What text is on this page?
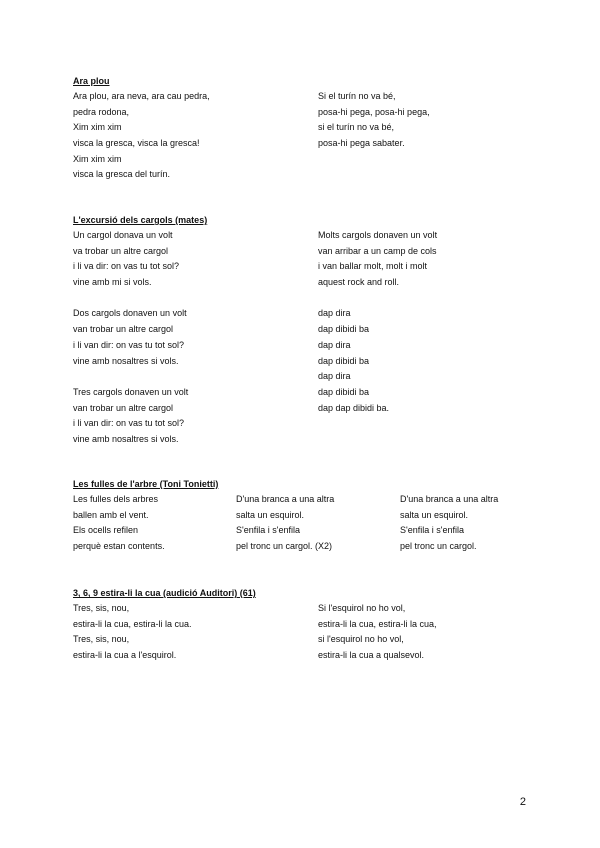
Ara plou
Ara plou, ara neva, ara cau pedra,
pedra rodona,
Xim xim xim
visca la gresca, visca la gresca!
Xim xim xim
visca la gresca del turín.
Si el turín no va bé,
posa-hi pega, posa-hi pega,
si el turín no va bé,
posa-hi pega sabater.
L'excursió dels cargols (mates)
Un cargol donava un volt
va trobar un altre cargol
i li va dir: on vas tu tot sol?
vine amb mi si vols.
Dos cargols donaven un volt
van trobar un altre cargol
i li van dir: on vas tu tot sol?
vine amb nosaltres si vols.
Tres cargols donaven un volt
van trobar un altre cargol
i li van dir: on vas tu tot sol?
vine amb nosaltres si vols.
Molts cargols donaven un volt
van arribar a un camp de cols
i van ballar molt, molt i molt
aquest rock and roll.
dap dira
dap dibidi ba
dap dira
dap dibidi ba
dap dira
dap dibidi ba
dap dap dibidi ba.
Les fulles de l'arbre (Toni Tonietti)
Les fulles dels arbres
ballen amb el vent.
Els ocells refilen
perquè estan contents.
D'una branca a una altra
salta un esquirol.
S'enfila i s'enfila
pel tronc un cargol. (X2)
D'una branca a una altra
salta un esquirol.
S'enfila i s'enfila
pel tronc un cargol.
3, 6, 9 estira-li la cua (audició Auditori) (61)
Tres, sis, nou,
estira-li la cua, estira-li la cua.
Tres, sis, nou,
estira-li la cua a l'esquirol.
Si l'esquirol no ho vol,
estira-li la cua, estira-li la cua,
si l'esquirol no ho vol,
estira-li la cua a qualsevol.
2
